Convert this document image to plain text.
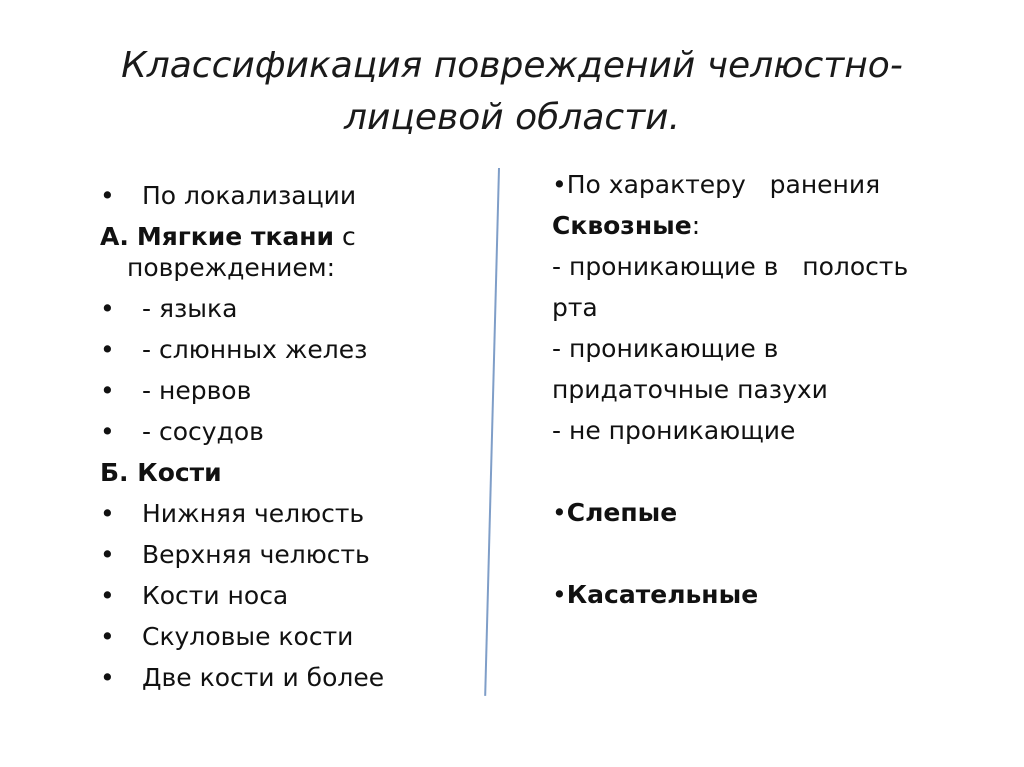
Классификация повреждений челюстно-
лицевой области.
• По локализации
А. Мягкие ткани с повреждением:
• - языка
• - слюнных желез
• - нервов
• - сосудов
Б. Кости
• Нижняя челюсть
• Верхняя челюсть
• Кости носа
• Скуловые кости
• Две кости и более
•По характеру   ранения
Сквозные:
- проникающие в   полость
рта
- проникающие в
придаточные пазухи
- не проникающие
•Слепые
•Касательные
